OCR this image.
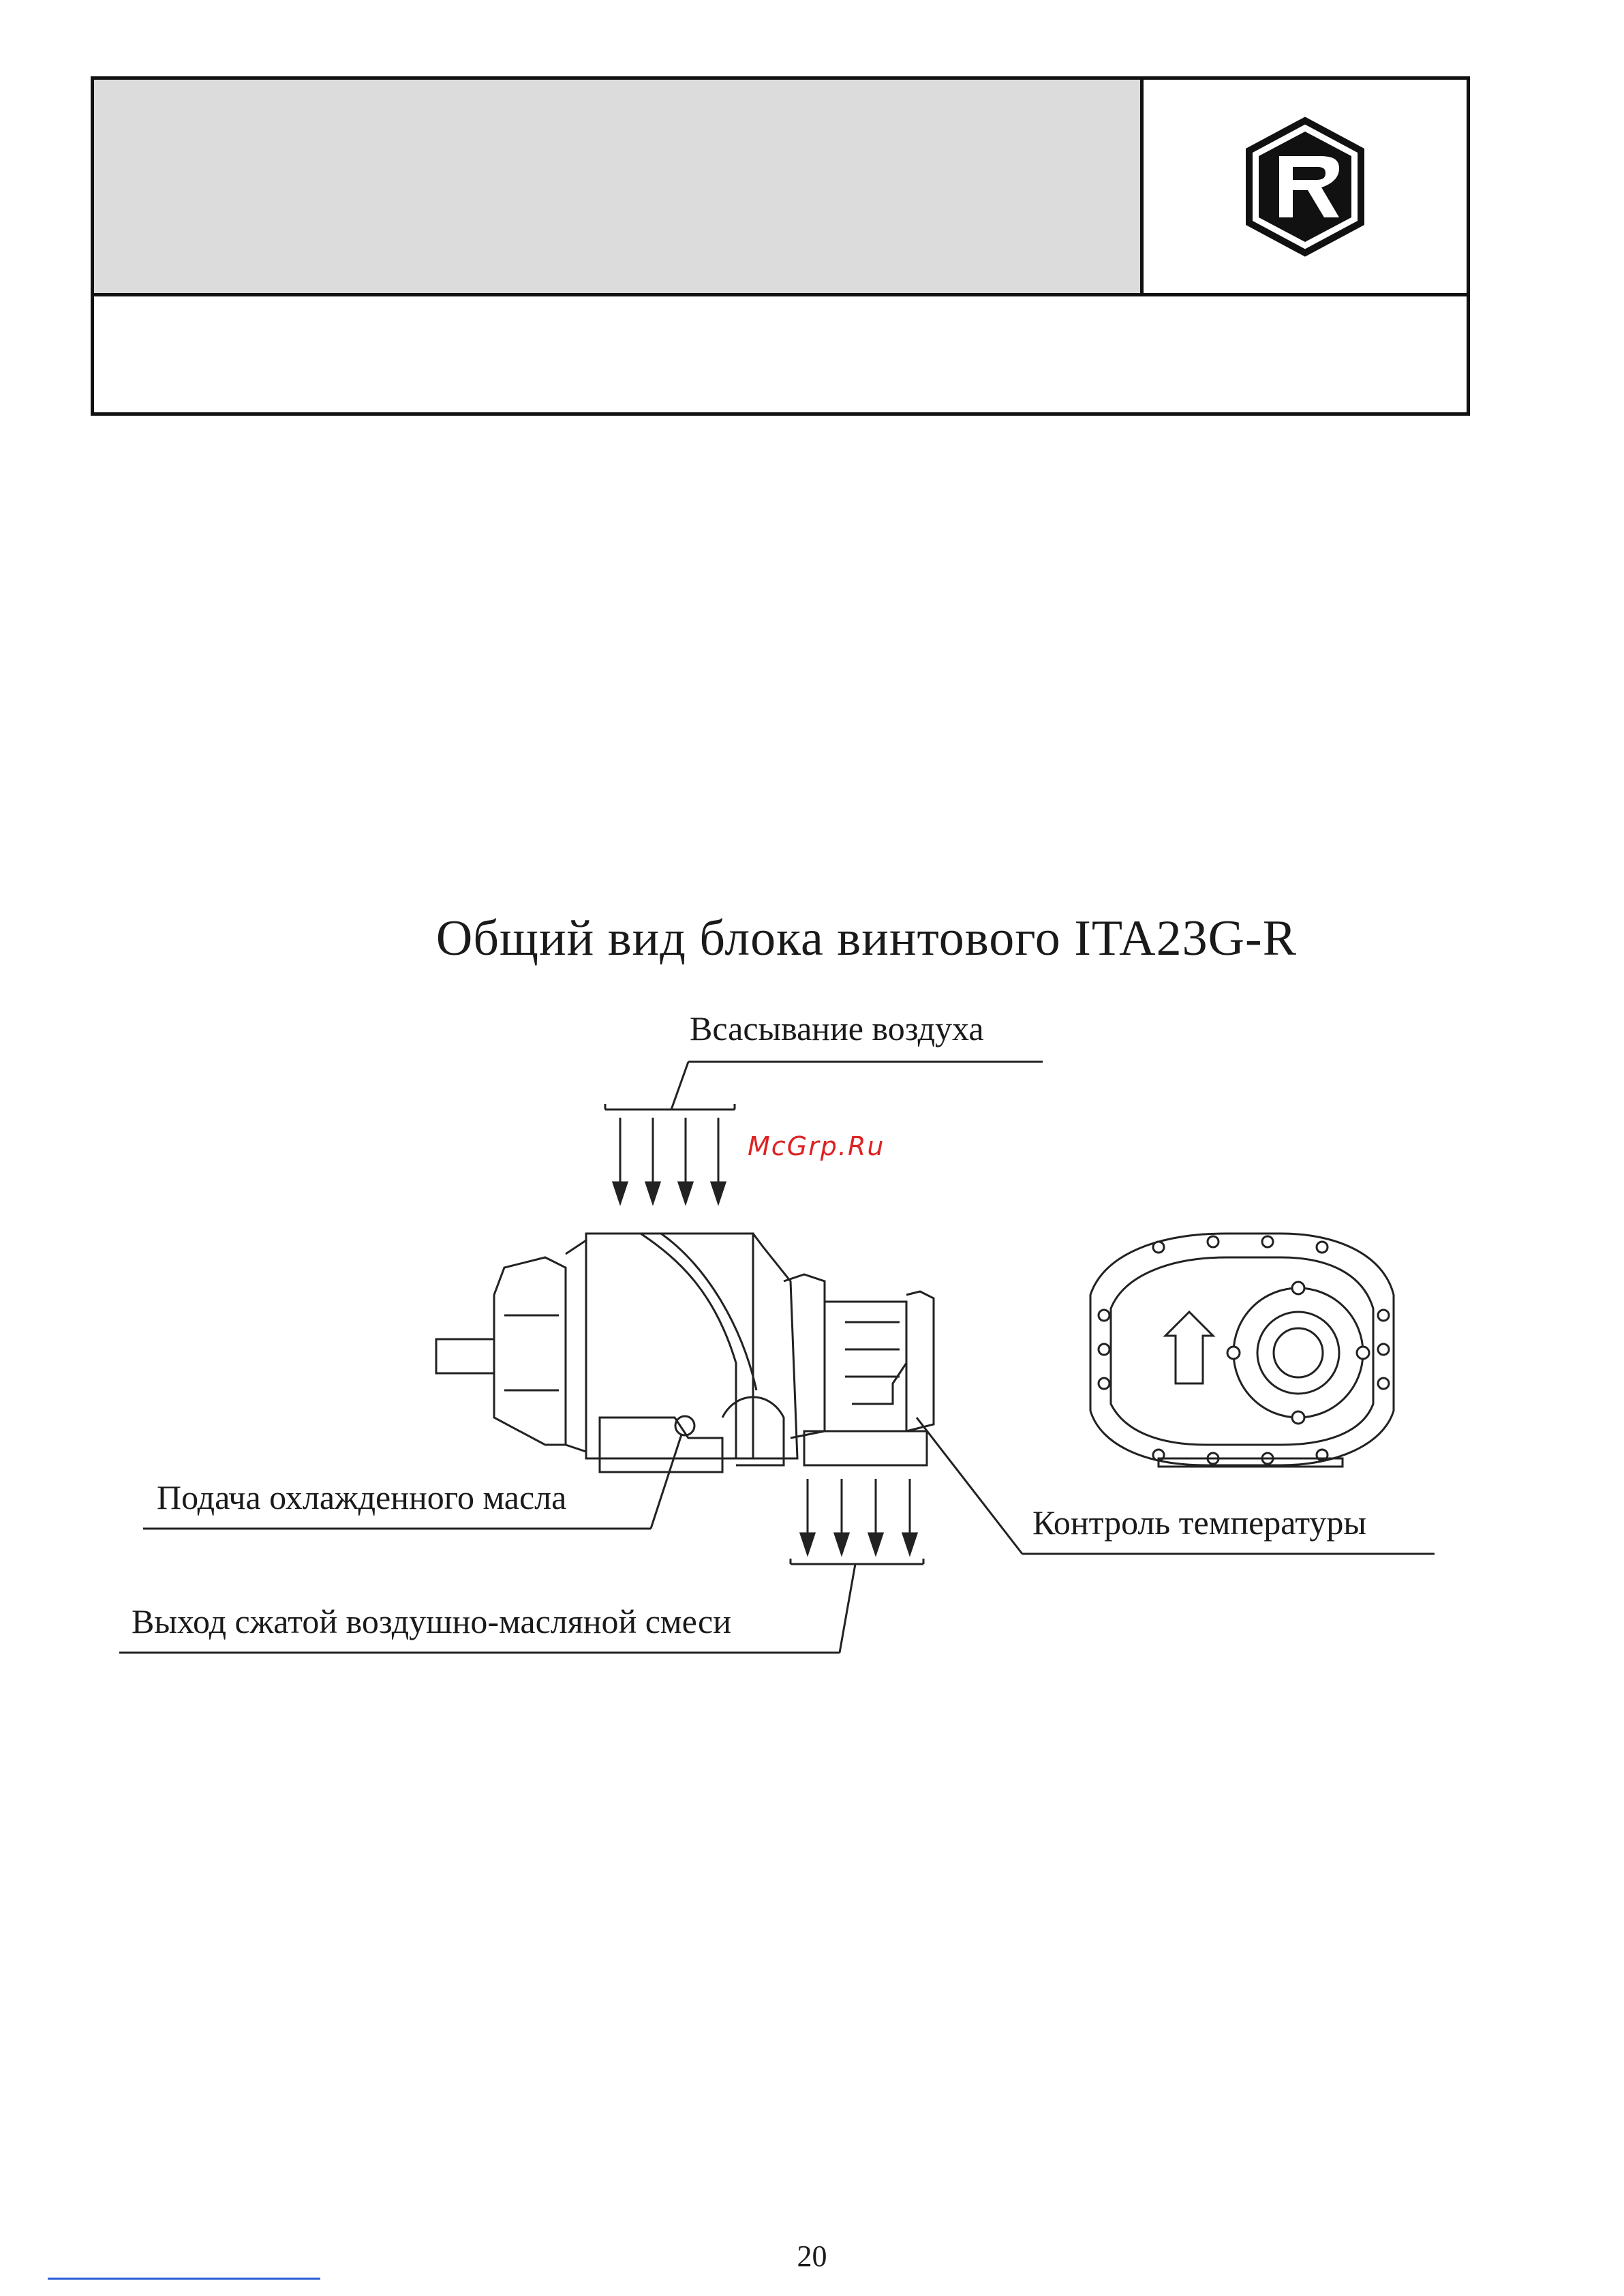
Общий вид блока винтового ITA23G-R
Всасывание воздуха
Подача охлажденного масла
Контроль температуры
Выход сжатой воздушно-масляной смеси
McGrp.Ru
20
